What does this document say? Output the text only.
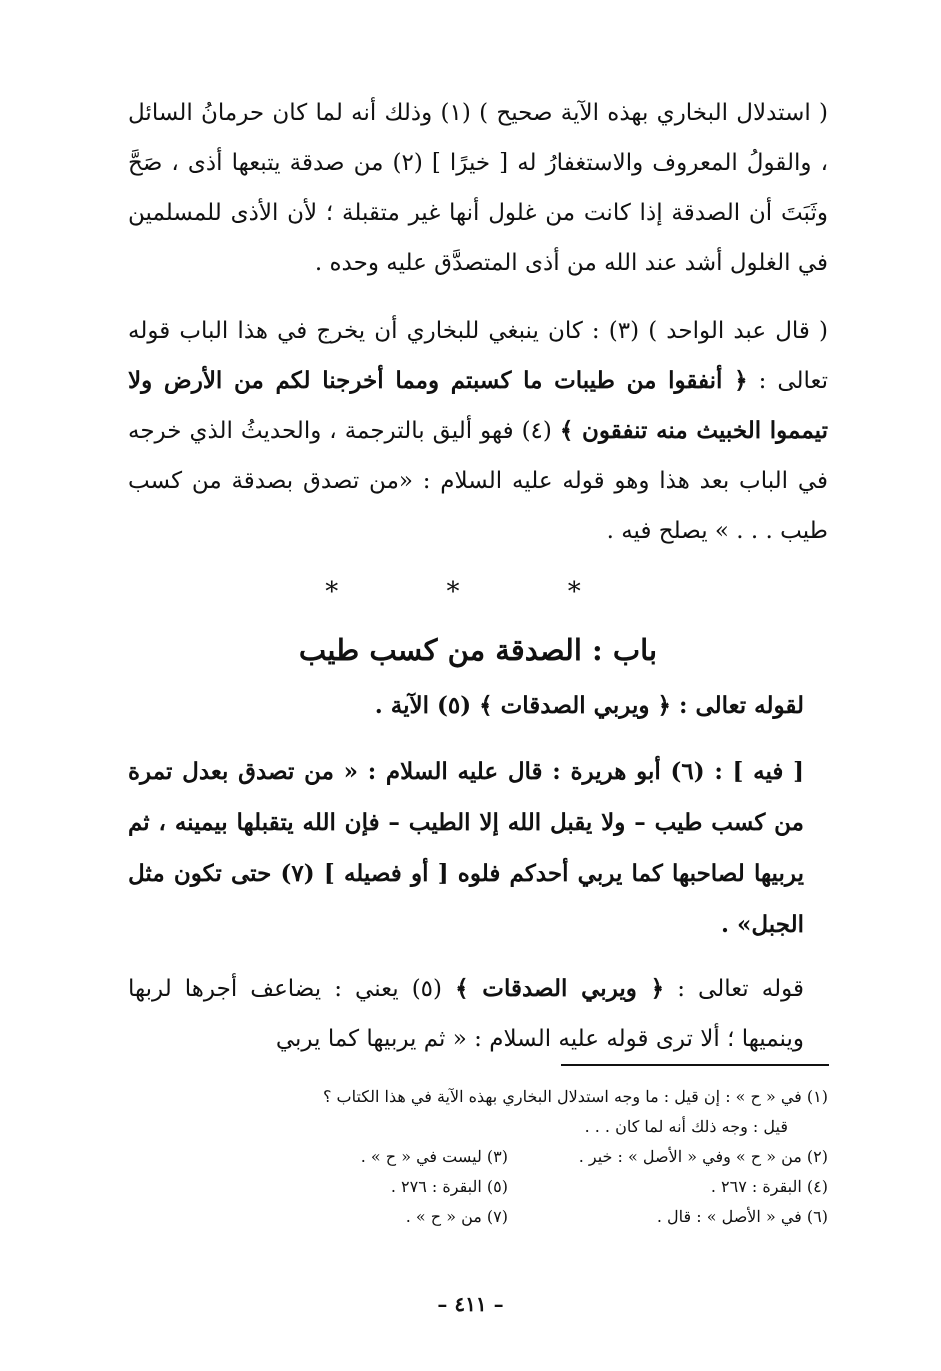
( استدلال البخاري بهذه الآية صحيح ) (١) وذلك أنه لما كان حرمانُ السائل ، والقولُ المعروف والاستغفارُ له [ خيرًا ] (٢) من صدقة يتبعها أذى ، صَحَّ وثَبَتَ أن الصدقة إذا كانت من غلول أنها غير متقبلة ؛ لأن الأذى للمسلمين في الغلول أشد عند الله من أذى المتصدَّق عليه وحده .

( قال عبد الواحد ) (٣) : كان ينبغي للبخاري أن يخرج في هذا الباب قوله تعالى : ﴿ أنفقوا من طيبات ما كسبتم ومما أخرجنا لكم من الأرض ولا تيمموا الخبيث منه تنفقون ﴾ (٤) فهو أليق بالترجمة ، والحديثُ الذي خرجه في الباب بعد هذا وهو قوله عليه السلام : «من تصدق بصدقة من كسب طيب . . . » يصلح فيه .

* * *
باب : الصدقة من كسب طيب

لقوله تعالى : ﴿ ويربي الصدقات ﴾ (٥) الآية .

[ فيه ] : (٦) أبو هريرة : قال عليه السلام : « من تصدق بعدل تمرة من كسب طيب – ولا يقبل الله إلا الطيب – فإن الله يتقبلها بيمينه ، ثم يربيها لصاحبها كما يربي أحدكم فلوه [ أو فصيله ] (٧) حتى تكون مثل الجبل» .

قوله تعالى : ﴿ ويربي الصدقات ﴾ (٥) يعني : يضاعف أجرها لربها وينميها ؛ ألا ترى قوله عليه السلام : « ثم يربيها كما يربي

(١) في « ح » : إن قيل : ما وجه استدلال البخاري بهذه الآية في هذا الكتاب ؟
قيل : وجه ذلك أنه لما كان . . .
(٢) من « ح » وفي « الأصل » : خير .
(٣) ليست في « ح » .
(٤) البقرة : ٢٦٧ .
(٥) البقرة : ٢٧٦ .
(٦) في « الأصل » : قال .
(٧) من « ح » .
– ٤١١ –
